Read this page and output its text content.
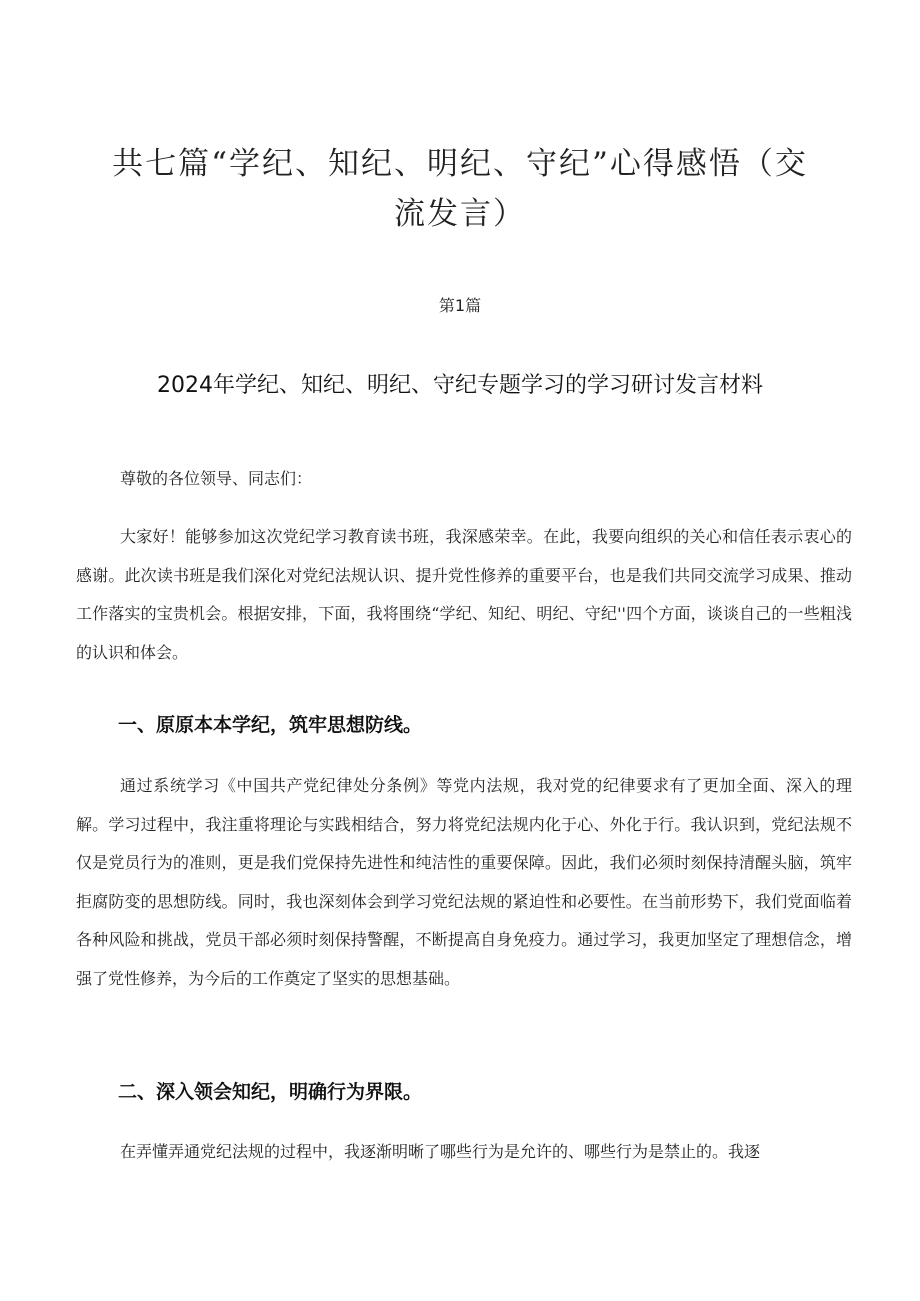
共七篇“学纪、知纪、明纪、守纪”心得感悟（交流发言）
第1篇
2024年学纪、知纪、明纪、守纪专题学习的学习研讨发言材料

尊敬的各位领导、同志们：

大家好！能够参加这次党纪学习教育读书班，我深感荣幸。在此，我要向组织的关心和信任表示衷心的感谢。此次读书班是我们深化对党纪法规认识、提升党性修养的重要平台，也是我们共同交流学习成果、推动工作落实的宝贵机会。根据安排，下面，我将围绕“学纪、知纪、明纪、守纪''四个方面，谈谈自己的一些粗浅的认识和体会。

一、原原本本学纪，筑牢思想防线。

通过系统学习《中国共产党纪律处分条例》等党内法规，我对党的纪律要求有了更加全面、深入的理解。学习过程中，我注重将理论与实践相结合，努力将党纪法规内化于心、外化于行。我认识到，党纪法规不仅是党员行为的准则，更是我们党保持先进性和纯洁性的重要保障。因此，我们必须时刻保持清醒头脑，筑牢拒腐防变的思想防线。同时，我也深刻体会到学习党纪法规的紧迫性和必要性。在当前形势下，我们党面临着各种风险和挑战，党员干部必须时刻保持警醒，不断提高自身免疫力。通过学习，我更加坚定了理想信念，增强了党性修养，为今后的工作奠定了坚实的思想基础。

二、深入领会知纪，明确行为界限。

在弄懂弄通党纪法规的过程中，我逐渐明晰了哪些行为是允许的、哪些行为是禁止的。我逐
